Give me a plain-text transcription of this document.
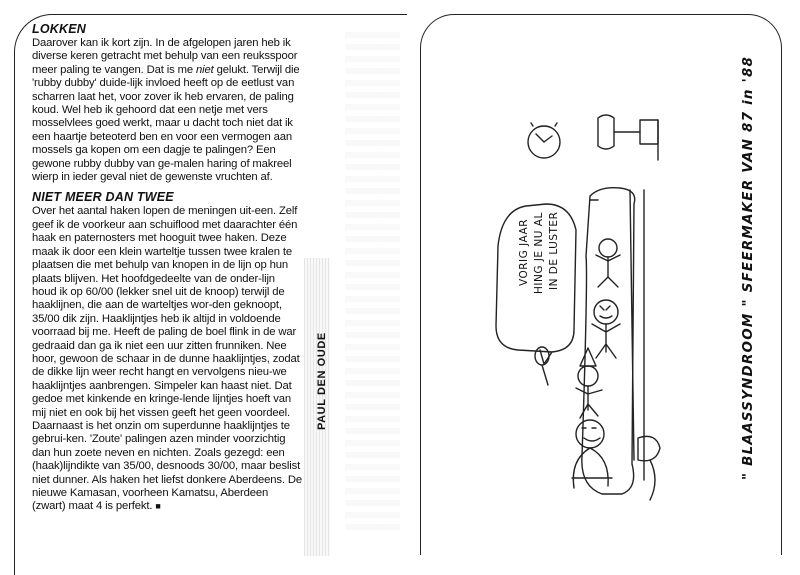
LOKKEN

Daarover kan ik kort zijn. In de afgelopen jaren heb ik diverse keren getracht met behulp van een reuksspoor meer paling te vangen. Dat is me niet gelukt. Terwijl die 'rubby dubby' duide-lijk invloed heeft op de eetlust van scharren laat het, voor zover ik heb ervaren, de paling koud. Wel heb ik gehoord dat een netje met vers mosselvlees goed werkt, maar u dacht toch niet dat ik een haartje beteoterd ben en voor een vermogen aan mossels ga kopen om een dagje te palingen? Een gewone rubby dubby van ge-malen haring of makreel wierp in ieder geval niet de gewenste vruchten af.

NIET MEER DAN TWEE

Over het aantal haken lopen de meningen uit-een. Zelf geef ik de voorkeur aan schuiflood met daarachter één haak en paternosters met hooguit twee haken. Deze maak ik door een klein warteltje tussen twee kralen te plaatsen die met behulp van knopen in de lijn op hun plaats blijven. Het hoofdgedeelte van de onder-lijn houd ik op 60/00 (lekker snel uit de knoop) terwijl de haaklijnen, die aan de warteltjes wor-den geknoopt, 35/00 dik zijn. Haaklijntjes heb ik altijd in voldoende voorraad bij me. Heeft de paling de boel flink in de war gedraaid dan ga ik niet een uur zitten frunniken. Nee hoor, gewoon de schaar in de dunne haaklijntjes, zodat de dikke lijn weer recht hangt en vervolgens nieu-we haaklijntjes aanbrengen. Simpeler kan haast niet. Dat gedoe met kinkende en kringe-lende lijntjes hoeft van mij niet en ook bij het vissen geeft het geen voordeel. Daarnaast is het onzin om superdunne haaklijntjes te gebrui-ken. 'Zoute' palingen azen minder voorzichtig dan hun zoete neven en nichten. Zoals gezegd: een (haak)lijndikte van 35/00, desnoods 30/00, maar beslist niet dunner. Als haken het liefst donkere Aberdeens. De nieuwe Kamasan, voorheen Kamatsu, Aberdeen (zwart) maat 4 is perfekt. ■

PAUL DEN OUDE
VORIG JAAR HING JE NU AL IN DE LUSTER	" BLAASSYNDROOM " SFEERMAKER VAN 87 in '88
